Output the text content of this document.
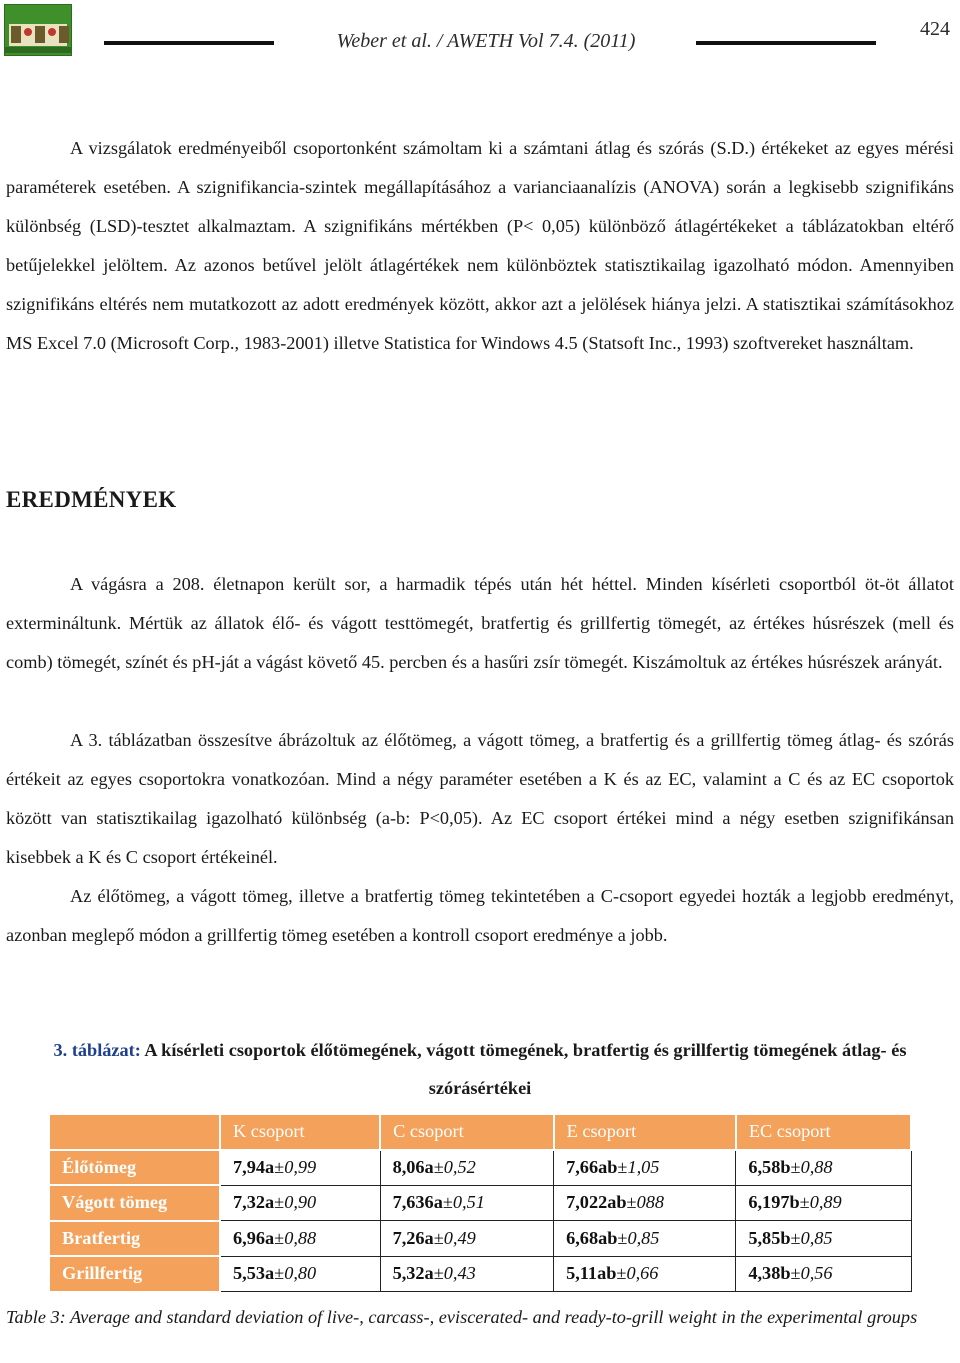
Weber et al. / AWETH Vol 7.4. (2011)
424

A vizsgálatok eredményeiből csoportonként számoltam ki a számtani átlag és szórás (S.D.) értékeket az egyes mérési paraméterek esetében. A szignifikancia-szintek megállapításához a varianciaanalízis (ANOVA) során a legkisebb szignifikáns különbség (LSD)-tesztet alkalmaztam. A szignifikáns mértékben (P< 0,05) különböző átlagértékeket a táblázatokban eltérő betűjelekkel jelöltem. Az azonos betűvel jelölt átlagértékek nem különböztek statisztikailag igazolható módon. Amennyiben szignifikáns eltérés nem mutatkozott az adott eredmények között, akkor azt a jelölések hiánya jelzi. A statisztikai számításokhoz MS Excel 7.0 (Microsoft Corp., 1983-2001) illetve Statistica for Windows 4.5 (Statsoft Inc., 1993) szoftvereket használtam.

EREDMÉNYEK

A vágásra a 208. életnapon került sor, a harmadik tépés után hét héttel. Minden kísérleti csoportból öt-öt állatot extermináltunk. Mértük az állatok élő- és vágott testtömegét, bratfertig és grillfertig tömegét, az értékes húsrészek (mell és comb) tömegét, színét és pH-ját a vágást követő 45. percben és a hasűri zsír tömegét. Kiszámoltuk az értékes húsrészek arányát.

A 3. táblázatban összesítve ábrázoltuk az élőtömeg, a vágott tömeg, a bratfertig és a grillfertig tömeg átlag- és szórás értékeit az egyes csoportokra vonatkozóan. Mind a négy paraméter esetében a K és az EC, valamint a C és az EC csoportok között van statisztikailag igazolható különbség (a-b: P<0,05). Az EC csoport értékei mind a négy esetben szignifikánsan kisebbek a K és C csoport értékeinél.

Az élőtömeg, a vágott tömeg, illetve a bratfertig tömeg tekintetében a C-csoport egyedei hozták a legjobb eredményt, azonban meglepő módon a grillfertig tömeg esetében a kontroll csoport eredménye a jobb.

3. táblázat: A kísérleti csoportok élőtömegének, vágott tömegének, bratfertig és grillfertig tömegének átlag- és szórásértékei
	K csoport	C csoport	E csoport	EC csoport
Élőtömeg	7,94a±0,99	8,06a±0,52	7,66ab±1,05	6,58b±0,88
Vágott tömeg	7,32a±0,90	7,636a±0,51	7,022ab±088	6,197b±0,89
Bratfertig	6,96a±0,88	7,26a±0,49	6,68ab±0,85	5,85b±0,85
Grillfertig	5,53a±0,80	5,32a±0,43	5,11ab±0,66	4,38b±0,56

Table 3: Average and standard deviation of live-, carcass-, eviscerated- and ready-to-grill weight in the experimental groups
